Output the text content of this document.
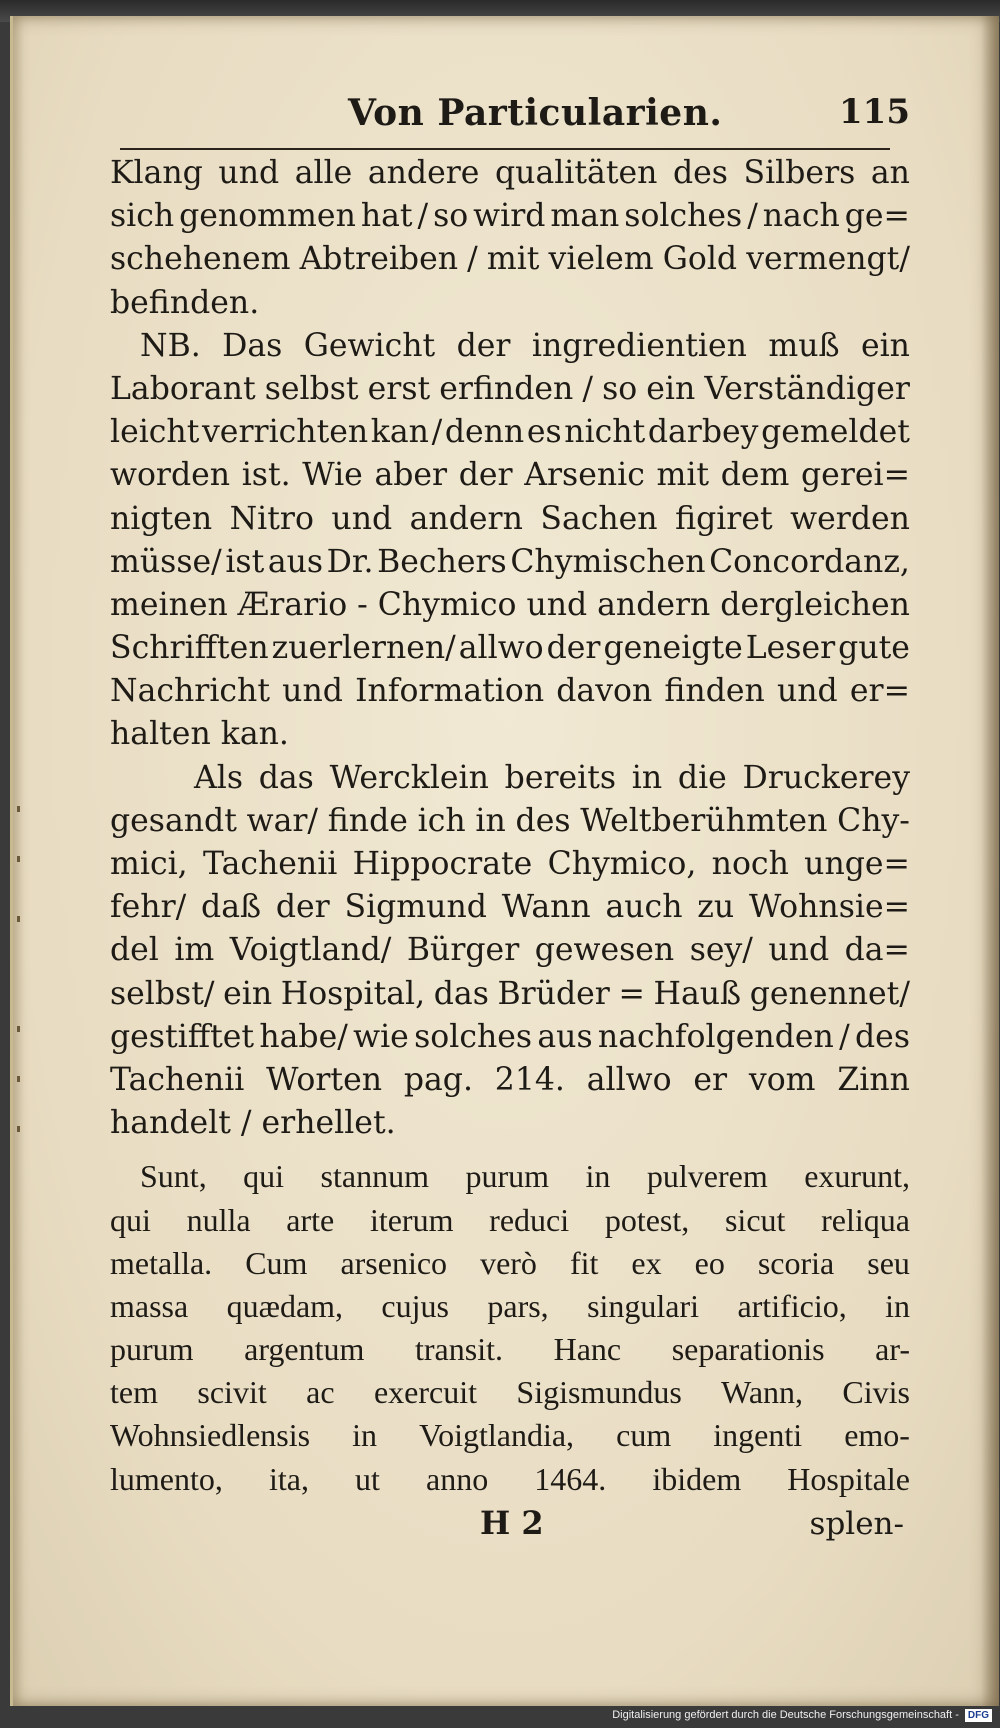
Von Particularien.	115
Klang und alle andere qualitäten des Silbers an
sich genommen hat / so wird man solches / nach ge=
schehenem Abtreiben / mit vielem Gold vermengt/
befinden.
NB. Das Gewicht der ingredientien muß ein
Laborant selbst erst erfinden / so ein Verständiger
leicht verrichten kan / denn es nicht darbey gemeldet
worden ist. Wie aber der Arsenic mit dem gerei=
nigten Nitro und andern Sachen figiret werden
müsse/ ist aus Dr. Bechers Chymischen Concordanz,
meinen Ærario - Chymico und andern dergleichen
Schrifften zuerlernen/ allwo der geneigte Leser gute
Nachricht und Information davon finden und er=
halten kan.
Als das Wercklein bereits in die Druckerey
gesandt war/ finde ich in des Weltberühmten Chy-
mici, Tachenii Hippocrate Chymico, noch unge=
fehr/ daß der Sigmund Wann auch zu Wohnsie=
del im Voigtland/ Bürger gewesen sey/ und da=
selbst/ ein Hospital, das Brüder = Hauß genennet/
gestifftet habe/ wie solches aus nachfolgenden / des
Tachenii Worten pag. 214. allwo er vom Zinn
handelt / erhellet.
Sunt, qui stannum purum in pulverem exurunt,
qui nulla arte iterum reduci potest, sicut reliqua
metalla. Cum arsenico verò fit ex eo scoria seu
massa quædam, cujus pars, singulari artificio, in
purum argentum transit. Hanc separationis ar-
tem scivit ac exercuit Sigismundus Wann, Civis
Wohnsiedlensis in Voigtlandia, cum ingenti emo-
lumento, ita, ut anno 1464. ibidem Hospitale
H 2	splen-
Digitalisierung gefördert durch die Deutsche Forschungsgemeinschaft - DFG
